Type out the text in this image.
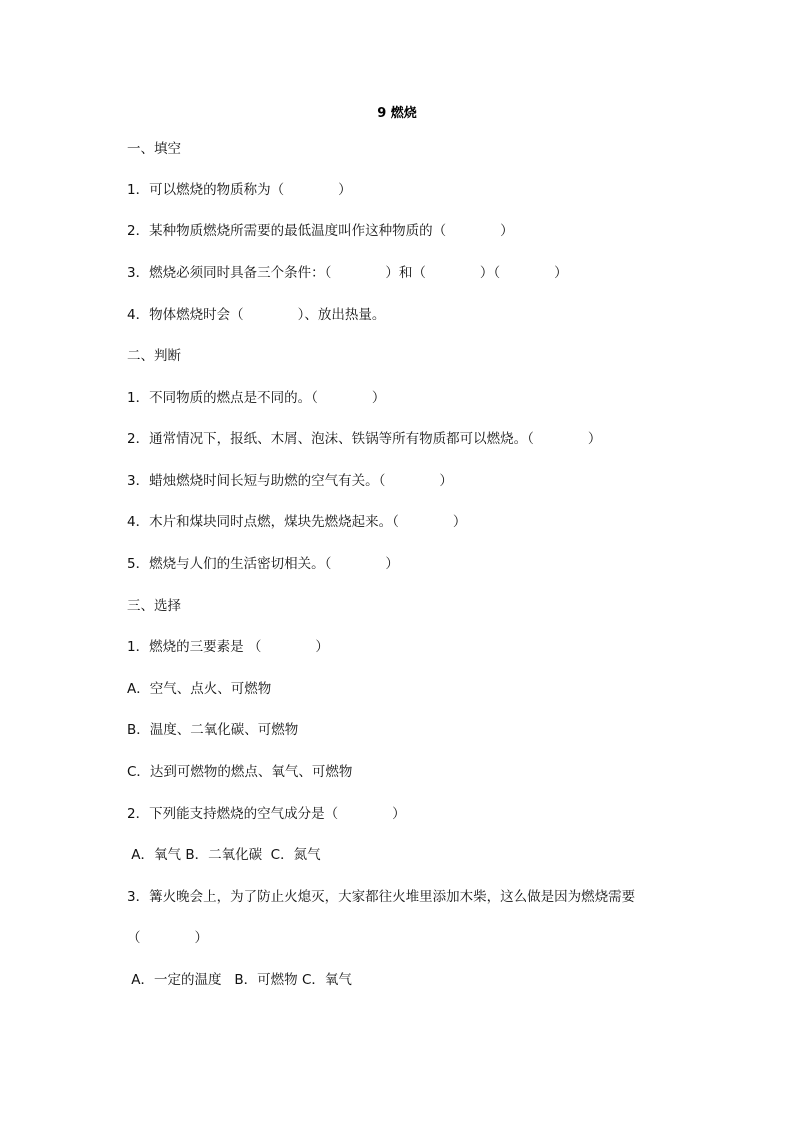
9 燃烧
一、填空
1．可以燃烧的物质称为（　　　　）
2．某种物质燃烧所需要的最低温度叫作这种物质的（　　　　）
3．燃烧必须同时具备三个条件：（　　　　）和（　　　　）（　　　　）
4．物体燃烧时会（　　　　）、放出热量。
二、判断
1．不同物质的燃点是不同的。（　　　　）
2．通常情况下，报纸、木屑、泡沫、铁锅等所有物质都可以燃烧。（　　　　）
3．蜡烛燃烧时间长短与助燃的空气有关。（　　　　）
4．木片和煤块同时点燃，煤块先燃烧起来。（　　　　）
5．燃烧与人们的生活密切相关。（　　　　）
三、选择
1．燃烧的三要素是 （　　　　）
A．空气、点火、可燃物
B．温度、二氧化碳、可燃物
C．达到可燃物的燃点、氧气、可燃物
2．下列能支持燃烧的空气成分是（　　　　）
A．氧气 B．二氧化碳  C．氮气
3．篝火晚会上，为了防止火熄灭，大家都往火堆里添加木柴，这么做是因为燃烧需要
（　　　　）
A．一定的温度   B．可燃物 C．氧气
